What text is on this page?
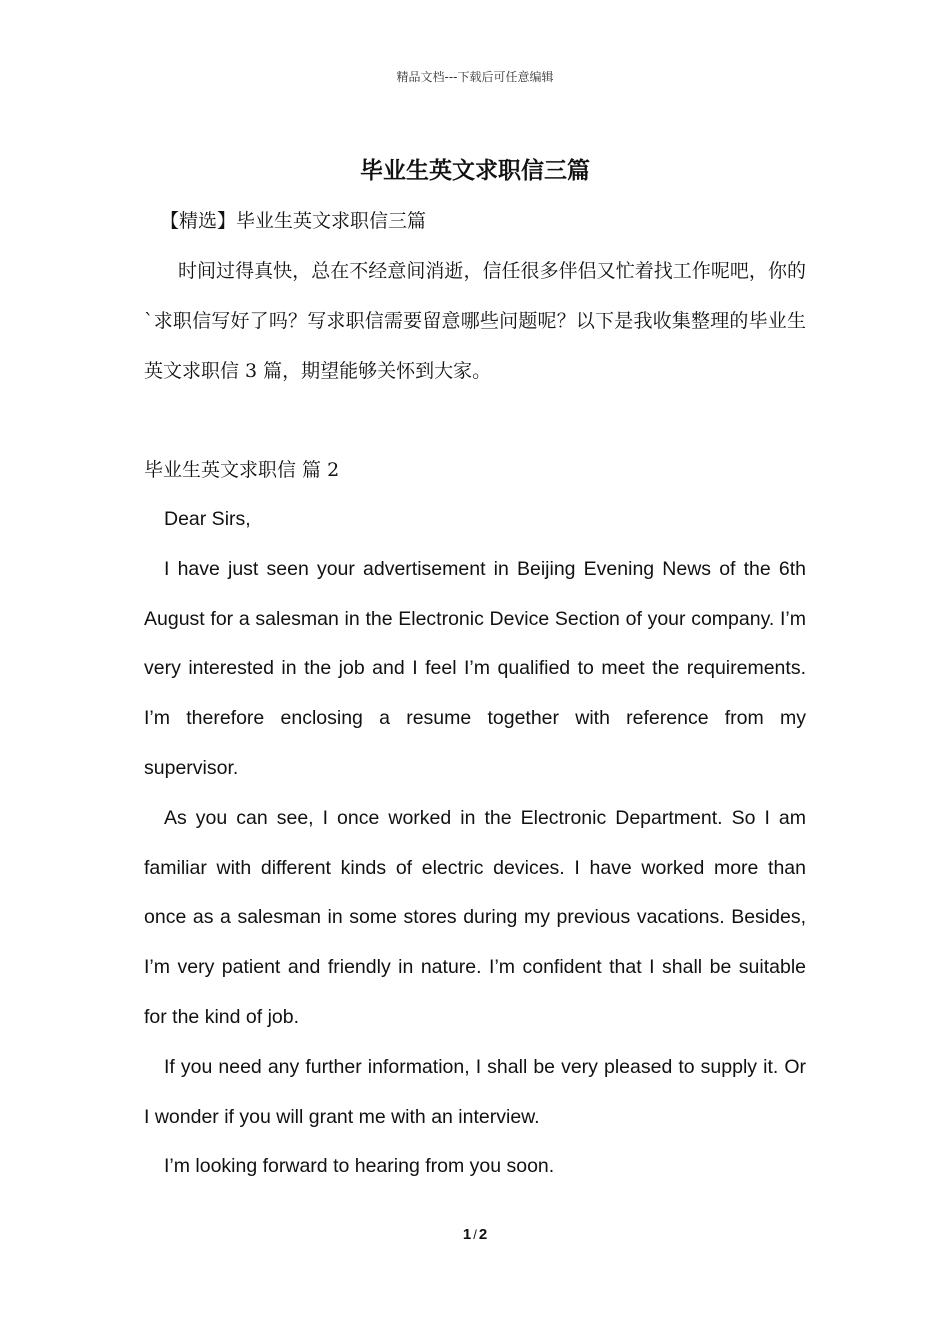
精品文档---下载后可任意编辑
毕业生英文求职信三篇

【精选】毕业生英文求职信三篇

时间过得真快，总在不经意间消逝，信任很多伴侣又忙着找工作呢吧，你的`求职信写好了吗？写求职信需要留意哪些问题呢？以下是我收集整理的毕业生英文求职信 3 篇，期望能够关怀到大家。

毕业生英文求职信 篇 2

Dear Sirs,

I have just seen your advertisement in Beijing Evening News of the 6th August for a salesman in the Electronic Device Section of your company. I’m very interested in the job and I feel I’m qualified to meet the requirements. I’m therefore enclosing a resume together with reference from my supervisor.

As you can see, I once worked in the Electronic Department. So I am familiar with different kinds of electric devices. I have worked more than once as a salesman in some stores during my previous vacations. Besides, I’m very patient and friendly in nature. I’m confident that I shall be suitable for the kind of job.

If you need any further information, I shall be very pleased to supply it. Or I wonder if you will grant me with an interview.

I’m looking forward to hearing from you soon.

1 / 2
